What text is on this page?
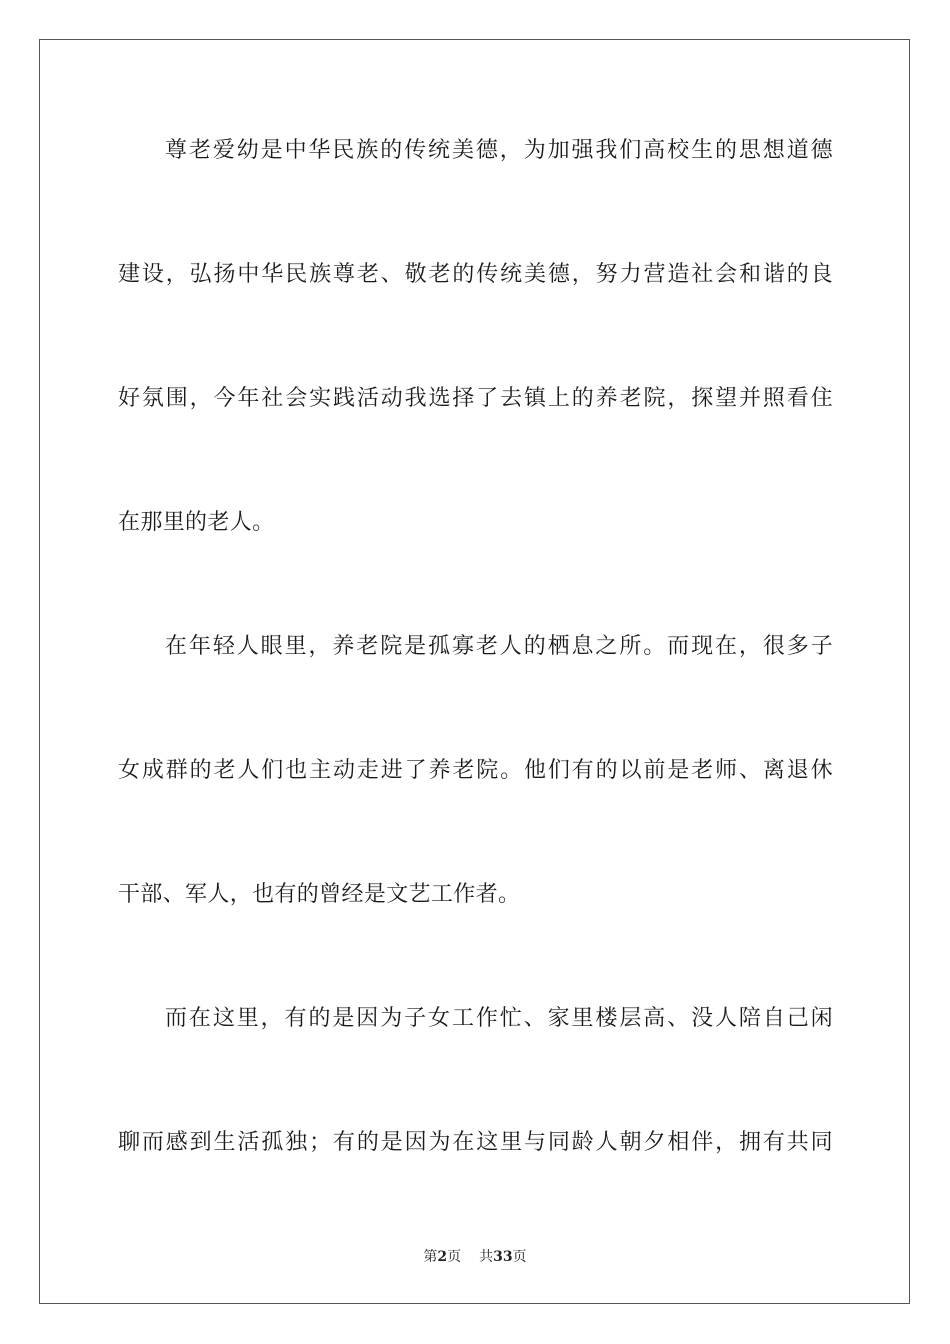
尊老爱幼是中华民族的传统美德，为加强我们高校生的思想道德
建设，弘扬中华民族尊老、敬老的传统美德，努力营造社会和谐的良
好氛围，今年社会实践活动我选择了去镇上的养老院，探望并照看住
在那里的老人。
在年轻人眼里，养老院是孤寡老人的栖息之所。而现在，很多子
女成群的老人们也主动走进了养老院。他们有的以前是老师、离退休
干部、军人，也有的曾经是文艺工作者。
而在这里，有的是因为子女工作忙、家里楼层高、没人陪自己闲
聊而感到生活孤独；有的是因为在这里与同龄人朝夕相伴，拥有共同
第2页 共33页
